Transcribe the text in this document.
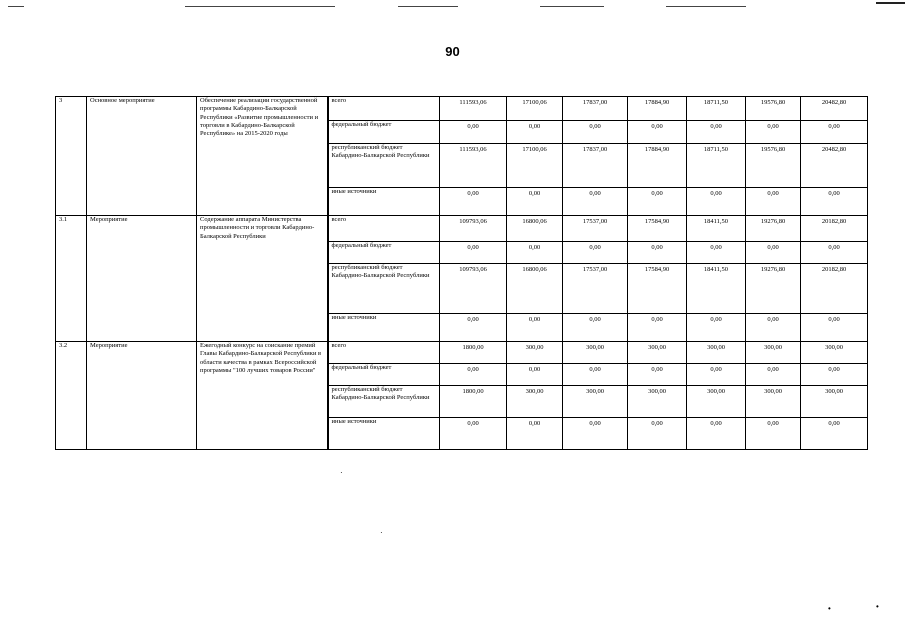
90
3	Основное мероприятие	Обеспечение реализации государственной программы Кабардино-Балкарской Республики «Развитие промышленности и торговли в Кабардино-Балкарской Республике» на 2015-2020 годы	всего	111593,06	17100,06	17837,00	17884,90	18711,50	19576,80	20482,80
			федеральный бюджет	0,00	0,00	0,00	0,00	0,00	0,00	0,00
			республиканский бюджет Кабардино-Балкарской Республики	111593,06	17100,06	17837,00	17884,90	18711,50	19576,80	20482,80
			иные источники	0,00	0,00	0,00	0,00	0,00	0,00	0,00
3.1	Мероприятие	Содержание аппарата Министерства промышленности и торговли Кабардино-Балкарской Республики	всего	109793,06	16800,06	17537,00	17584,90	18411,50	19276,80	20182,80
			федеральный бюджет	0,00	0,00	0,00	0,00	0,00	0,00	0,00
			республиканский бюджет Кабардино-Балкарской Республики	109793,06	16800,06	17537,00	17584,90	18411,50	19276,80	20182,80
			иные источники	0,00	0,00	0,00	0,00	0,00	0,00	0,00
3.2	Мероприятие	Ежегодный конкурс на соискание премий Главы Кабардино-Балкарской Республики в области качества в рамках Всероссийской программы "100 лучших товаров России"	всего	1800,00	300,00	300,00	300,00	300,00	300,00	300,00
			федеральный бюджет	0,00	0,00	0,00	0,00	0,00	0,00	0,00
			республиканский бюджет Кабардино-Балкарской Республики	1800,00	300,00	300,00	300,00	300,00	300,00	300,00
			иные источники	0,00	0,00	0,00	0,00	0,00	0,00	0,00
·
·
•	•
